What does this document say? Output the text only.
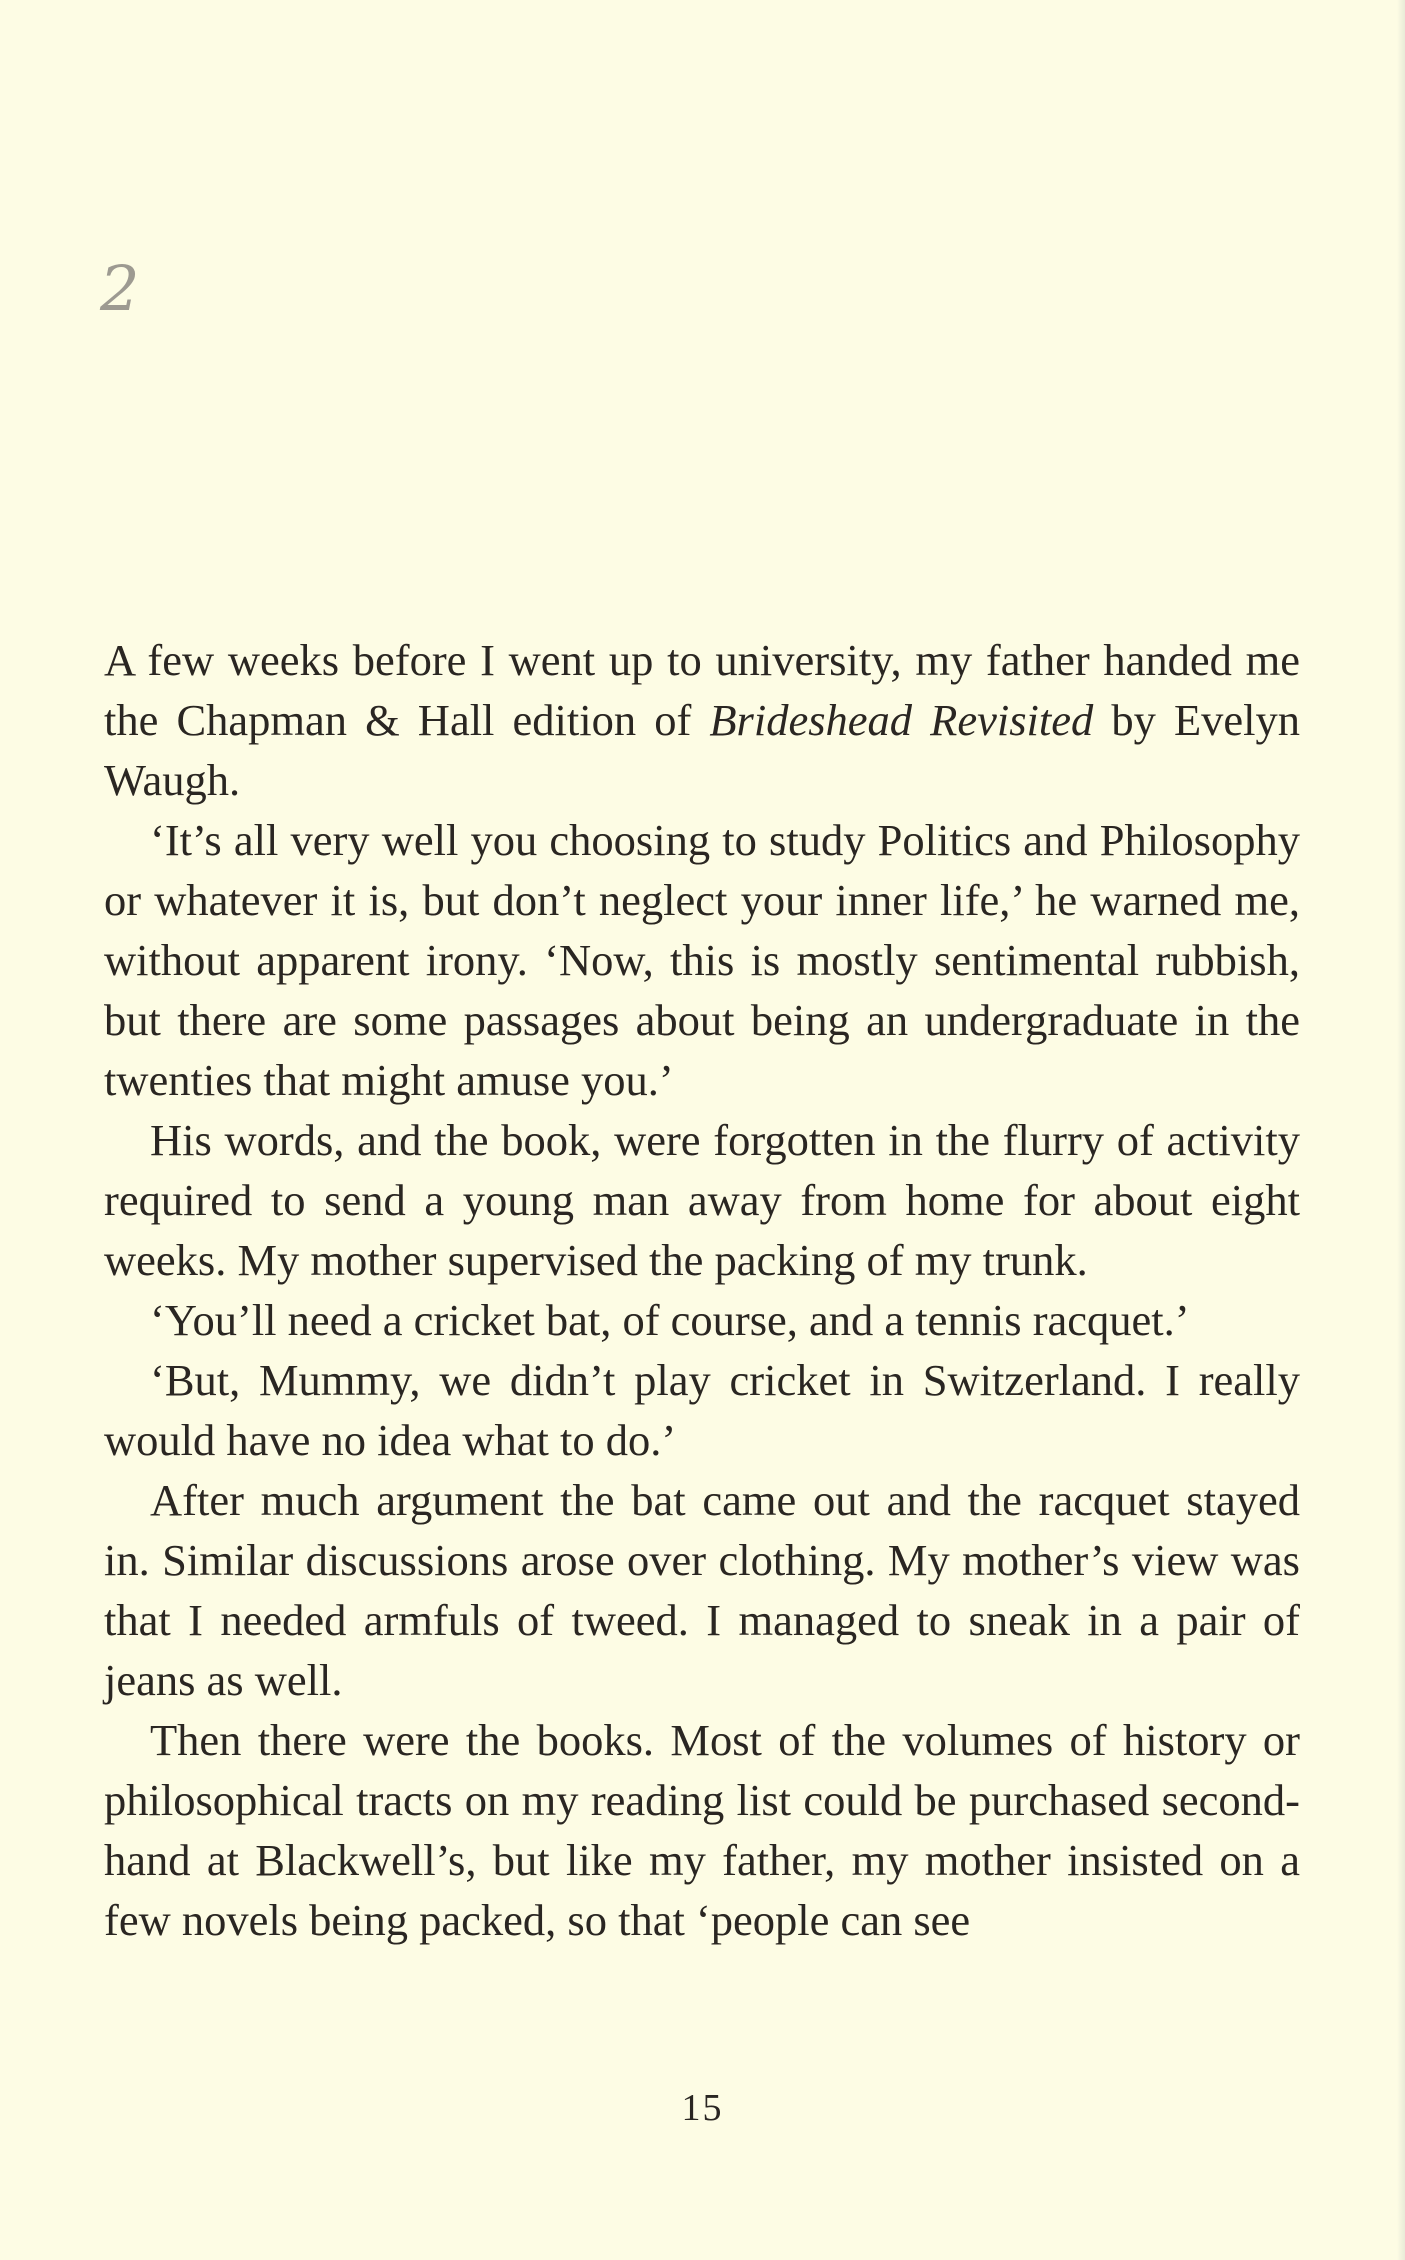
2

A few weeks before I went up to university, my father handed me the Chapman & Hall edition of Brideshead Revisited by Evelyn Waugh.

‘It’s all very well you choosing to study Politics and Philosophy or whatever it is, but don’t neglect your inner life,’ he warned me, without apparent irony. ‘Now, this is mostly sentimental rubbish, but there are some passages about being an undergraduate in the twenties that might amuse you.’

His words, and the book, were forgotten in the flurry of activity required to send a young man away from home for about eight weeks. My mother supervised the packing of my trunk.

‘You’ll need a cricket bat, of course, and a tennis racquet.’

‘But, Mummy, we didn’t play cricket in Switzerland. I really would have no idea what to do.’

After much argument the bat came out and the racquet stayed in. Similar discussions arose over clothing. My mother’s view was that I needed armfuls of tweed. I managed to sneak in a pair of jeans as well.

Then there were the books. Most of the volumes of history or philosophical tracts on my reading list could be purchased second-hand at Blackwell’s, but like my father, my mother insisted on a few novels being packed, so that ‘people can see

15
